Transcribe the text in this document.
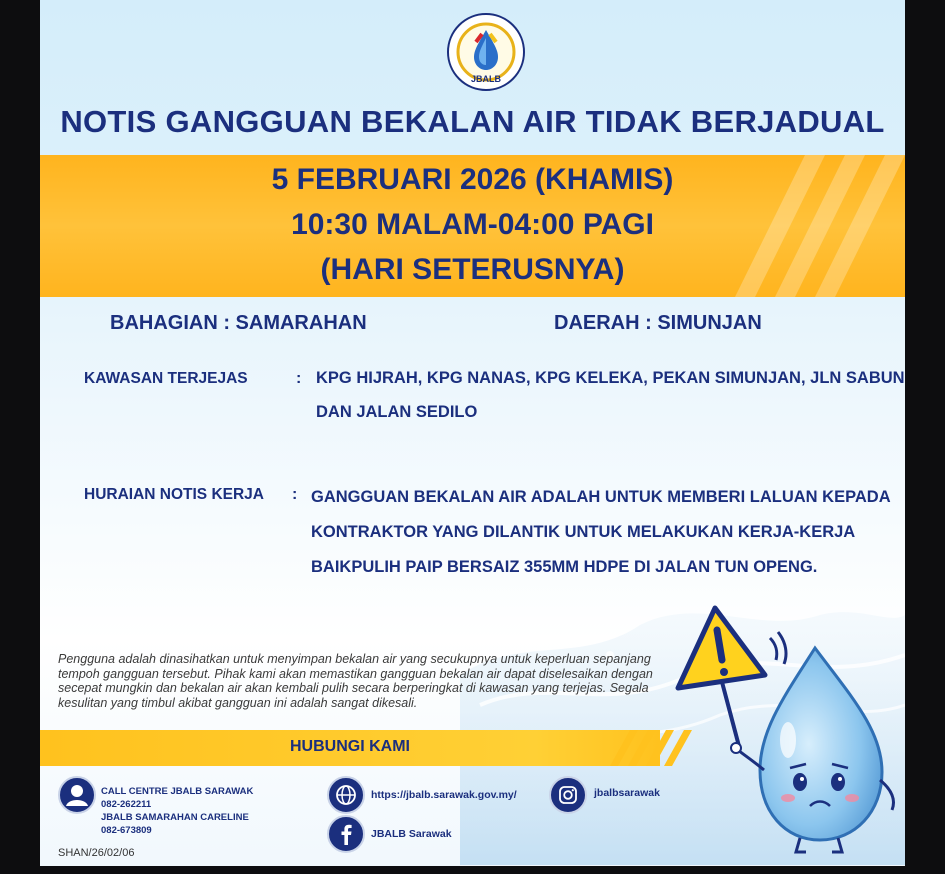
JBALB
NOTIS GANGGUAN BEKALAN AIR TIDAK BERJADUAL
5 FEBRUARI 2026 (KHAMIS)
10:30 MALAM-04:00 PAGI
(HARI SETERUSNYA)
BAHAGIAN : SAMARAHAN	DAERAH : SIMUNJAN
KAWASAN TERJEJAS	: KPG HIJRAH, KPG NANAS, KPG KELEKA, PEKAN SIMUNJAN, JLN SABUN
DAN JALAN SEDILO
HURAIAN NOTIS KERJA : GANGGUAN BEKALAN AIR ADALAH UNTUK MEMBERI LALUAN KEPADA
KONTRAKTOR YANG DILANTIK UNTUK MELAKUKAN KERJA-KERJA
BAIKPULIH PAIP BERSAIZ 355MM HDPE DI JALAN TUN OPENG.
Pengguna adalah dinasihatkan untuk menyimpan bekalan air yang secukupnya untuk keperluan sepanjang tempoh gangguan tersebut. Pihak kami akan memastikan gangguan bekalan air dapat diselesaikan dengan secepat mungkin dan bekalan air akan kembali pulih secara berperingkat di kawasan yang terjejas. Segala kesulitan yang timbul akibat gangguan ini adalah sangat dikesali.
HUBUNGI KAMI
CALL CENTRE JBALB SARAWAK
082-262211
JBALB SAMARAHAN CARELINE
082-673809
https://jbalb.sarawak.gov.my/
JBALB Sarawak
jbalbsarawak
SHAN/26/02/06
